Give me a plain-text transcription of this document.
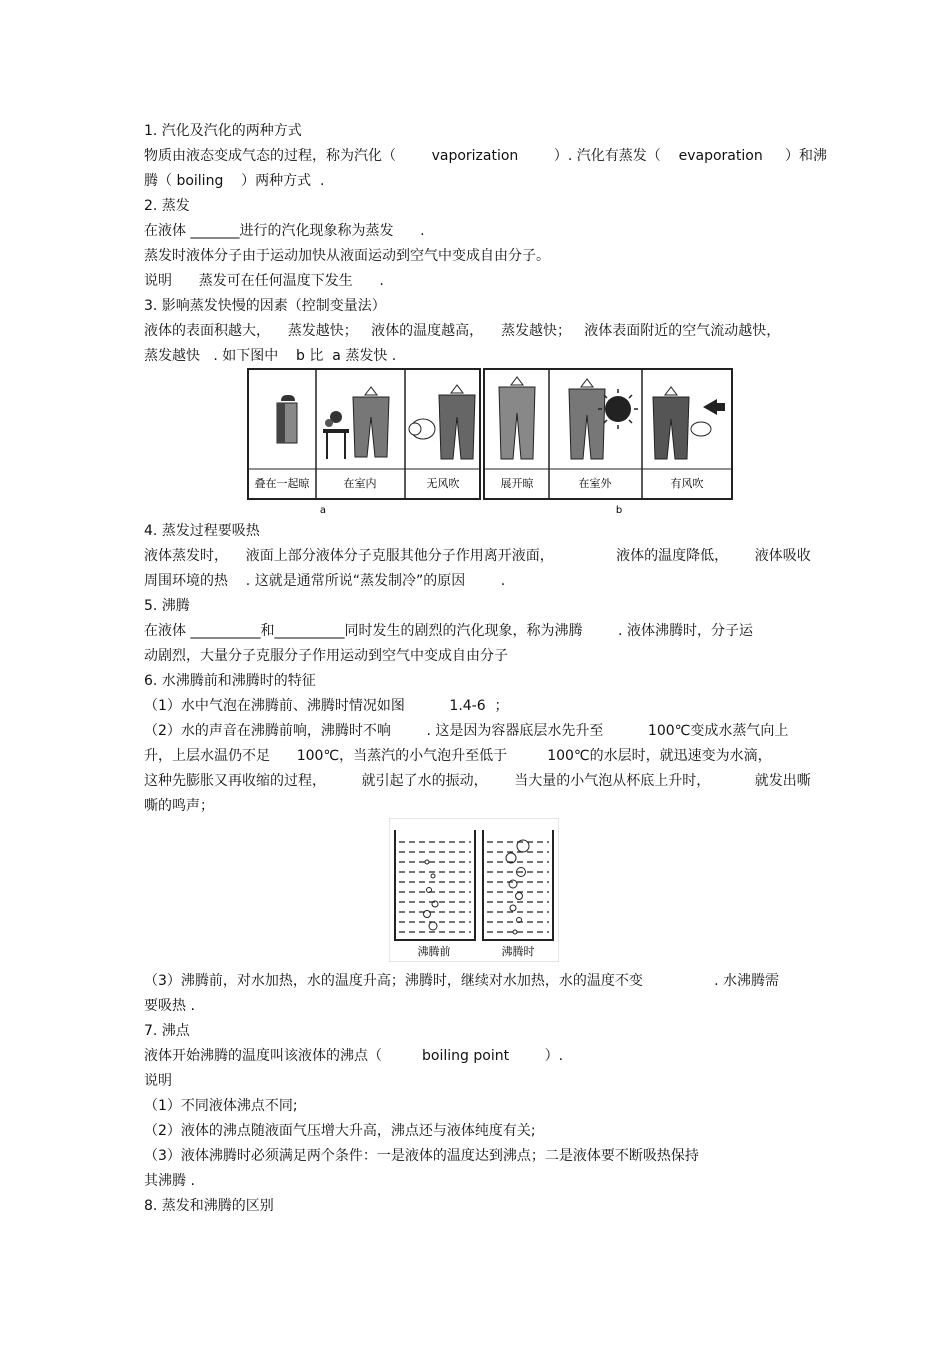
1. 汽化及汽化的两种方式
物质由液态变成气态的过程，称为汽化（        vaporization        ）. 汽化有蒸发（    evaporation     ）和沸
腾（ boiling    ）两种方式  .
2. 蒸发
在液体 _______进行的汽化现象称为蒸发      .
蒸发时液体分子由于运动加快从液面运动到空气中变成自由分子。
说明      蒸发可在任何温度下发生      .
3. 影响蒸发快慢的因素（控制变量法）
液体的表面积越大，    蒸发越快；   液体的温度越高，    蒸发越快；   液体表面附近的空气流动越快，
蒸发越快   . 如下图中    b 比  a 蒸发快 .
4. 蒸发过程要吸热
液体蒸发时，    液面上部分液体分子克服其他分子作用离开液面，              液体的温度降低，      液体吸收
周围环境的热    . 这就是通常所说“蒸发制冷”的原因        .
5. 沸腾
在液体 __________和__________同时发生的剧烈的汽化现象，称为沸腾        . 液体沸腾时，分子运
动剧烈，大量分子克服分子作用运动到空气中变成自由分子
6. 水沸腾前和沸腾时的特征
（1）水中气泡在沸腾前、沸腾时情况如图          1.4-6  ；
（2）水的声音在沸腾前响，沸腾时不响        . 这是因为容器底层水先升至          100℃变成水蒸气向上
升，上层水温仍不足      100℃，当蒸汽的小气泡升至低于         100℃的水层时，就迅速变为水滴，
这种先膨胀又再收缩的过程，        就引起了水的振动，      当大量的小气泡从杯底上升时，          就发出嘶
嘶的鸣声；
（3）沸腾前，对水加热，水的温度升高；沸腾时，继续对水加热，水的温度不变                . 水沸腾需
要吸热 .
7. 沸点
液体开始沸腾的温度叫该液体的沸点（         boiling point        ）.
说明
（1）不同液体沸点不同;
（2）液体的沸点随液面气压增大升高，沸点还与液体纯度有关;
（3）液体沸腾时必须满足两个条件：一是液体的温度达到沸点；二是液体要不断吸热保持
其沸腾 .
8. 蒸发和沸腾的区别
叠在一起晾	在室内	无风吹	展开晾	在室外	有风吹
a	b
沸腾前	沸腾时
